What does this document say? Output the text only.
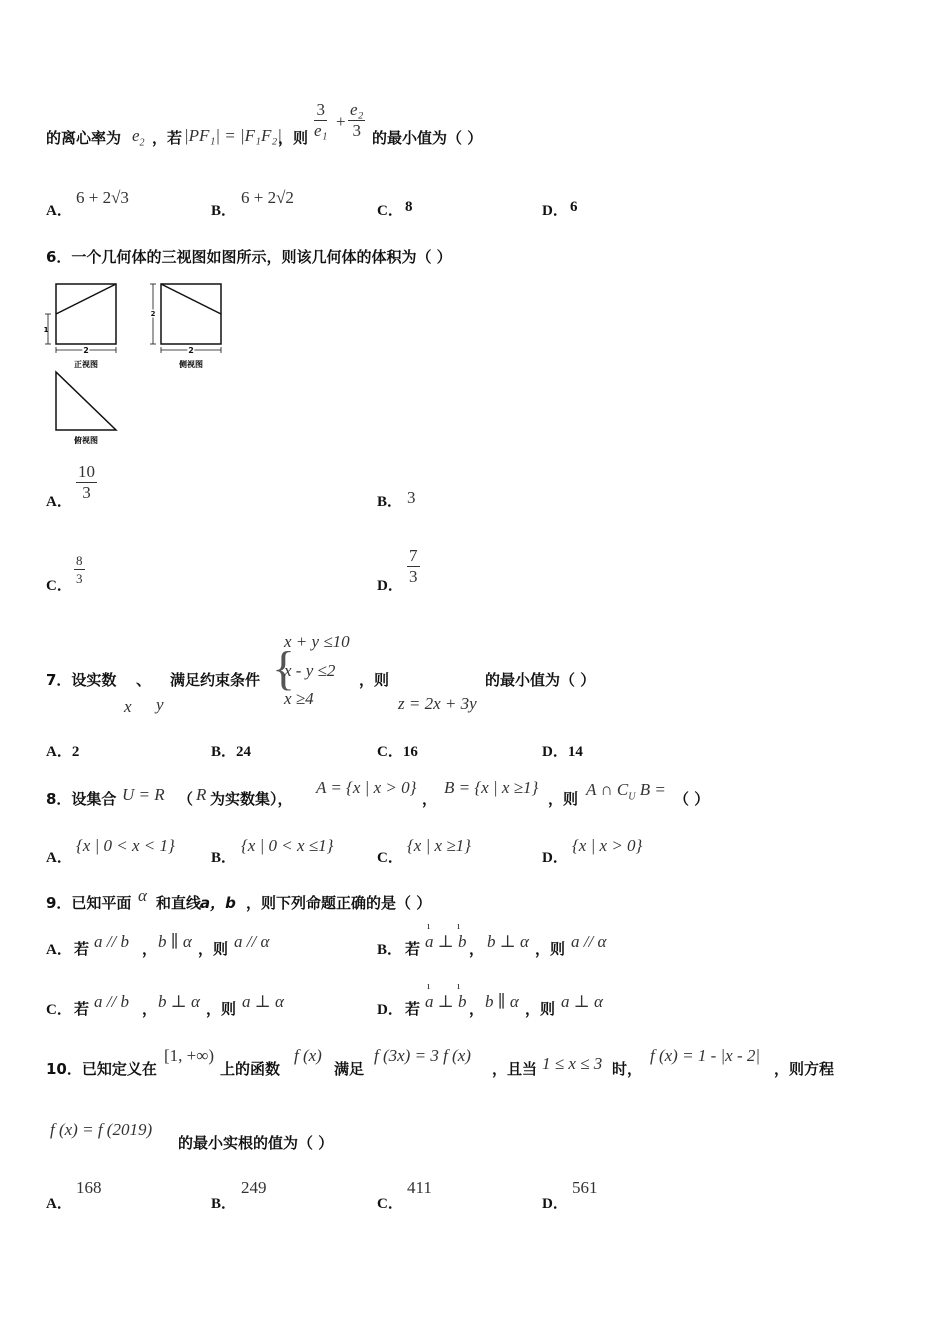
的离心率为 $e_2$ ，若 |PF₁| = |F₁F₂|
，则 $\frac{3}{\text{e₁}} + \frac{\text{e₂}}{3}$ 的最小值为（ ）
A．
6 + 2√3
B．
6 + 2√2
C． 8	D． 6
6．一个几何体的三视图如图所示，则该几何体的体积为（ ）
1
2
正视图
2
2
侧视图
俯视图
A． $\frac{10}{3}$	B． 3
C． $\frac{8}{3}$	D． $\frac{7}{3}$
7．设实数 、 满足约束条件
x y
{
x + y ≤10
x - y ≤2
x ≥4
，则
z = 2x + 3y
的最小值为（ ）
A．2	B．24	C．16	D．14
8．设集合 U = R （ R 为实数集），
A = {x | x > 0}
，
B = {x | x ≥1}
，则 A ∩ $C_U$ B = （ ）
A．
{x | 0 < x < 1}
B．
{x | 0 < x ≤1}
C．
{x | x ≥1}
D．
{x | x > 0}
9．已知平面 α 和直线
a，b ，则下列命题正确的是（ ）
A． 若 a // b ， b ∥ α ，则 a // α	B． 若 a ⊥ b
ı ı
， b ⊥ α ，则 a // α
C． 若 a // b ， b ⊥ α ，则 a ⊥ α	D． 若 a ⊥ b
ı ı
， b ∥ α ，则 a ⊥ α
10．已知定义在
[1, +∞)
上的函数
f (x)
满足
f (3x) = 3 f (x)
，且当 1 ≤ x ≤ 3 时，
f (x) = 1 - |x - 2|
，则方程
f (x) = f (2019)
的最小实根的值为（ ）
A．
168
B．
249
C．
411
D．
561
